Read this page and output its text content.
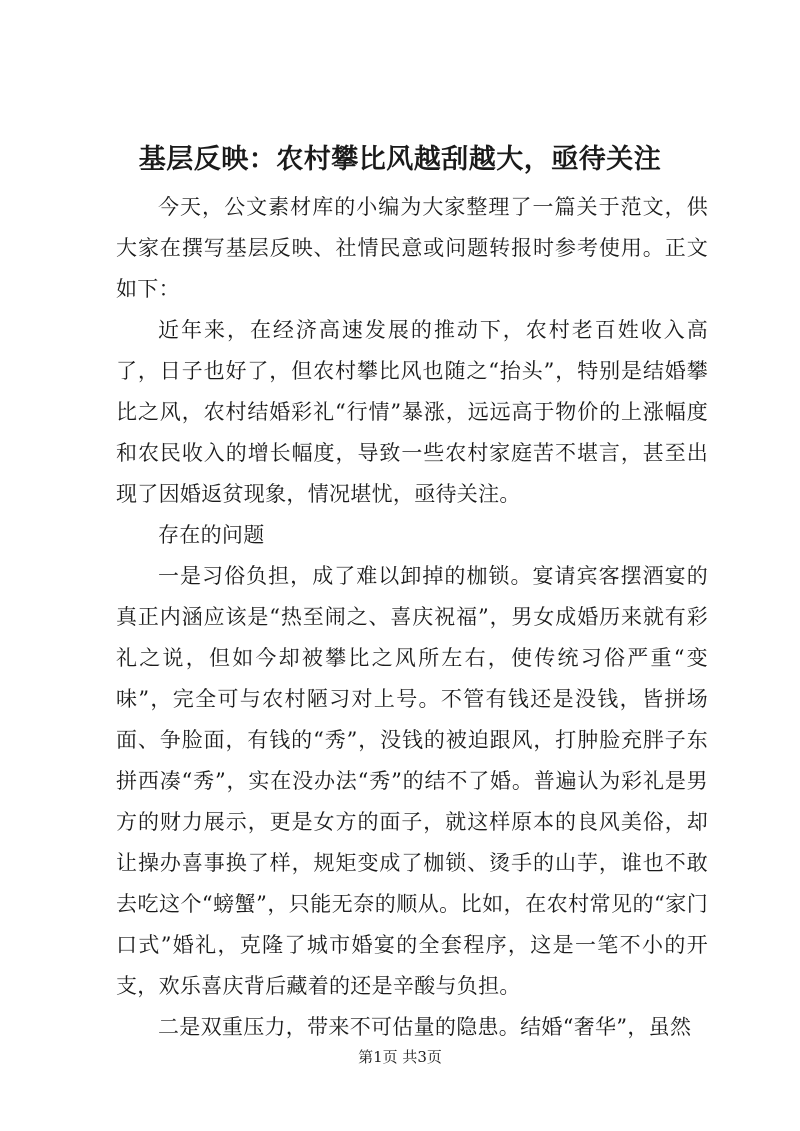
基层反映：农村攀比风越刮越大，亟待关注

今天，公文素材库的小编为大家整理了一篇关于范文，供大家在撰写基层反映、社情民意或问题转报时参考使用。正文如下：

近年来，在经济高速发展的推动下，农村老百姓收入高了，日子也好了，但农村攀比风也随之“抬头”，特别是结婚攀比之风，农村结婚彩礼“行情”暴涨，远远高于物价的上涨幅度和农民收入的增长幅度，导致一些农村家庭苦不堪言，甚至出现了因婚返贫现象，情况堪忧，亟待关注。

存在的问题

一是习俗负担，成了难以卸掉的枷锁。宴请宾客摆酒宴的真正内涵应该是“热至闹之、喜庆祝福”，男女成婚历来就有彩礼之说，但如今却被攀比之风所左右，使传统习俗严重“变味”，完全可与农村陋习对上号。不管有钱还是没钱，皆拼场面、争脸面，有钱的“秀”，没钱的被迫跟风，打肿脸充胖子东拼西凑“秀”，实在没办法“秀”的结不了婚。普遍认为彩礼是男方的财力展示，更是女方的面子，就这样原本的良风美俗，却让操办喜事换了样，规矩变成了枷锁、烫手的山芋，谁也不敢去吃这个“螃蟹”，只能无奈的顺从。比如，在农村常见的“家门口式”婚礼，克隆了城市婚宴的全套程序，这是一笔不小的开支，欢乐喜庆背后藏着的还是辛酸与负担。

二是双重压力，带来不可估量的隐患。结婚“奢华”，虽然

第1页 共3页
